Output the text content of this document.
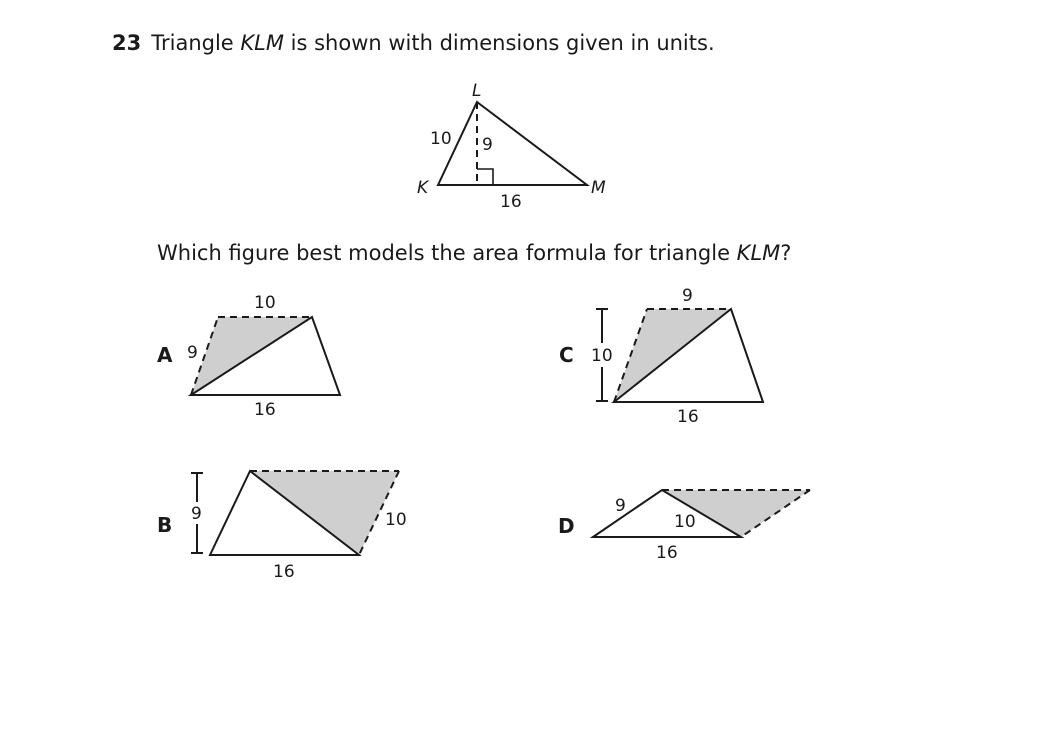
23 Triangle KLM is shown with dimensions given in units.
L
K	M
10 9
16
Which figure best models the area formula for triangle KLM?
A
10
9
16
9
B	10
16
10
C
9
16
D
9
10
16
